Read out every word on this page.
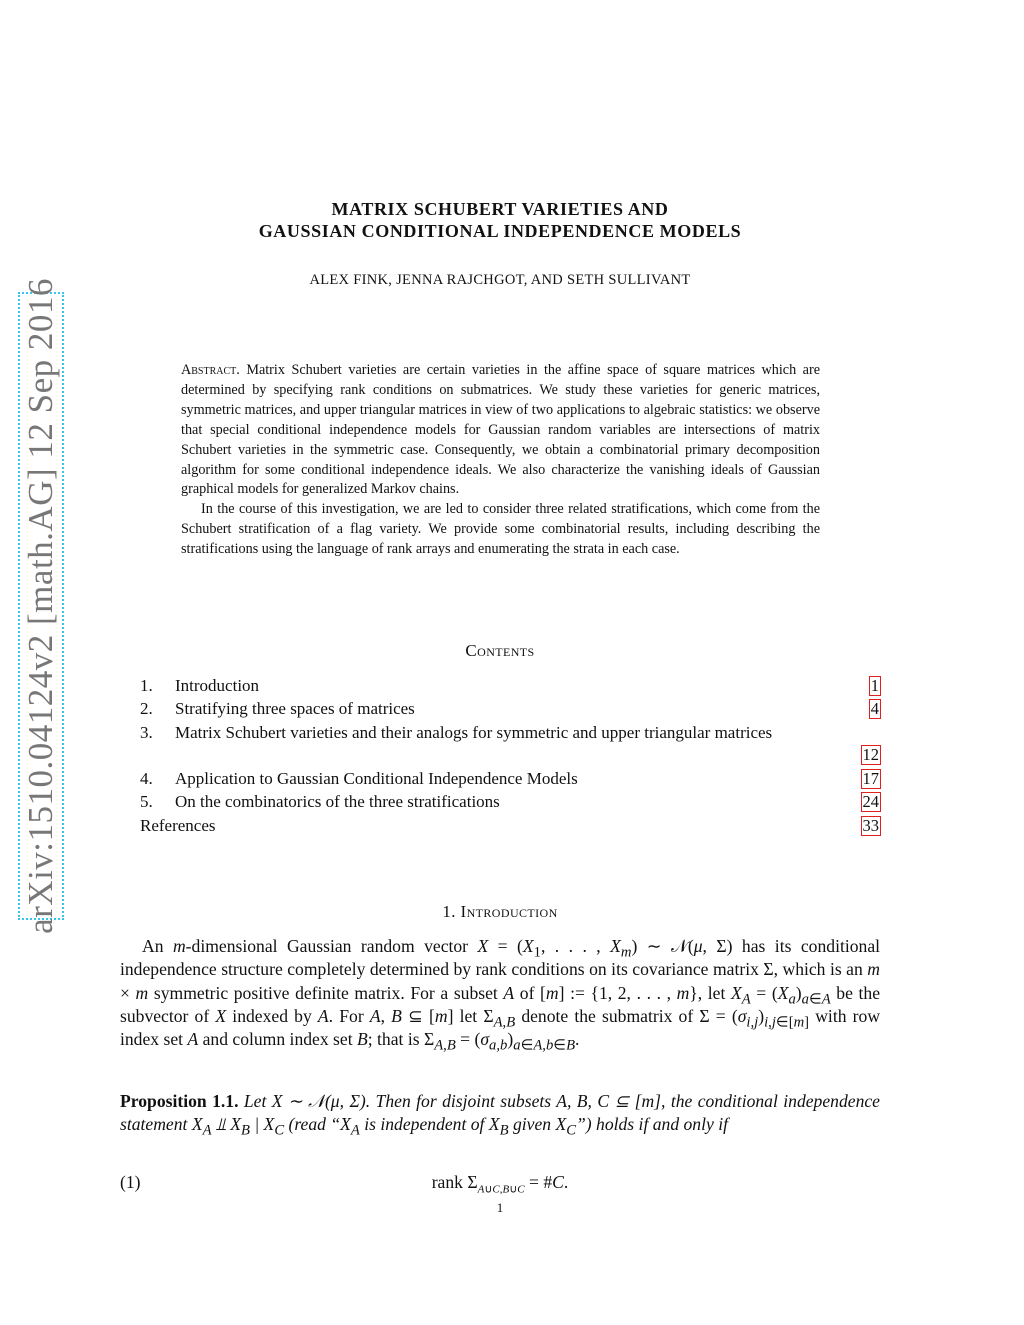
arXiv:1510.04124v2 [math.AG] 12 Sep 2016
MATRIX SCHUBERT VARIETIES AND
GAUSSIAN CONDITIONAL INDEPENDENCE MODELS
ALEX FINK, JENNA RAJCHGOT, AND SETH SULLIVANT

Abstract. Matrix Schubert varieties are certain varieties in the affine space of square matrices which are determined by specifying rank conditions on submatrices. We study these varieties for generic matrices, symmetric matrices, and upper triangular matrices in view of two applications to algebraic statistics: we observe that special conditional independence models for Gaussian random variables are intersections of matrix Schubert varieties in the symmetric case. Consequently, we obtain a combinatorial primary decomposition algorithm for some conditional independence ideals. We also characterize the vanishing ideals of Gaussian graphical models for generalized Markov chains.

In the course of this investigation, we are led to consider three related stratifications, which come from the Schubert stratification of a flag variety. We provide some combinatorial results, including describing the stratifications using the language of rank arrays and enumerating the strata in each case.

Contents
1. Introduction	1
2. Stratifying three spaces of matrices	4
3. Matrix Schubert varieties and their analogs for symmetric and upper triangular matrices
12
4. Application to Gaussian Conditional Independence Models	17
5. On the combinatorics of the three stratifications	24
References	33
1. Introduction

An m-dimensional Gaussian random vector $X = (X_1$, . . . , $X_m$) ∼ 𝒩(μ, Σ) has its conditional independence structure completely determined by rank conditions on its covariance matrix Σ, which is an m × m symmetric positive definite matrix. For a subset A of [m] := {1, 2, . . . , m}, let $X_A = (X_a)_{a\in A}$ be the subvector of X indexed by A. For A, B ⊆ [m] let $\Sigma_{A,B}$ denote the submatrix of $\Sigma = (\sigma_{i,j})_{i,j\in[m]}$ with row index set A and column index set B; that is $\Sigma_{A,B} = (\sigma_{a,b})_{a\in A,b\in B}$.

Proposition 1.1. Let X ∼ 𝒩(μ, Σ). Then for disjoint subsets A, B, C ⊆ [m], the conditional independence statement $X_A$ ⫫ $X_B$ | $X_C$ (read “$X_A$ is independent of $X_B$ given $X_C$”) holds if and only if
(1)	rank $\Sigma_{A\cup C,B\cup C}$ = #C.
1
